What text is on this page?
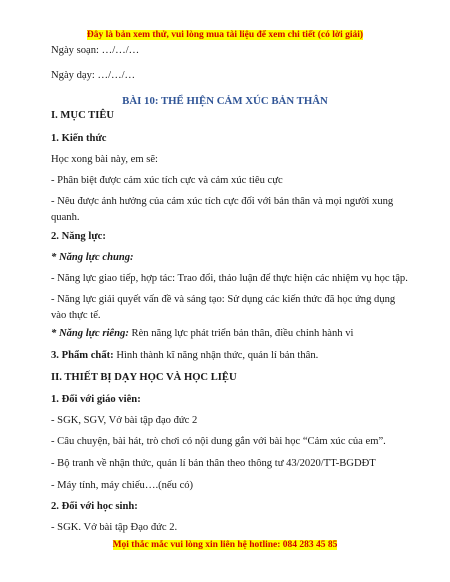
Đây là bản xem thử, vui lòng mua tài liệu để xem chi tiết (có lời giải)
Ngày soạn: …/…/…
Ngày dạy: …/…/…
BÀI 10: THỂ HIỆN CẢM XÚC BẢN THÂN
I. MỤC TIÊU
1. Kiến thức
Học xong bài này, em sẽ:
- Phân biệt được cảm xúc tích cực và cảm xúc tiêu cực
- Nêu được ảnh hưởng của cảm xúc tích cực đối với bản thân và mọi người xung quanh.
2. Năng lực:
* Năng lực chung:
- Năng lực giao tiếp, hợp tác: Trao đổi, thảo luận để thực hiện các nhiệm vụ học tập.
- Năng lực giải quyết vấn đề và sáng tạo: Sử dụng các kiến thức đã học ứng dụng vào thực tế.
* Năng lực riêng: Rèn năng lực phát triển bản thân, điều chỉnh hành vi
3. Phẩm chất: Hình thành kĩ năng nhận thức, quản lí bản thân.
II. THIẾT BỊ DẠY HỌC VÀ HỌC LIỆU
1. Đối với giáo viên:
- SGK, SGV, Vở bài tập đạo đức 2
- Câu chuyện, bài hát, trò chơi có nội dung gắn với bài học “Cảm xúc của em”.
- Bộ tranh về nhận thức, quản lí bản thân theo thông tư 43/2020/TT-BGDĐT
- Máy tính, máy chiếu….(nếu có)
2. Đối với học sinh:
- SGK. Vở bài tập Đạo đức 2.
Mọi thắc mắc vui lòng xin liên hệ hotline: 084 283 45 85
